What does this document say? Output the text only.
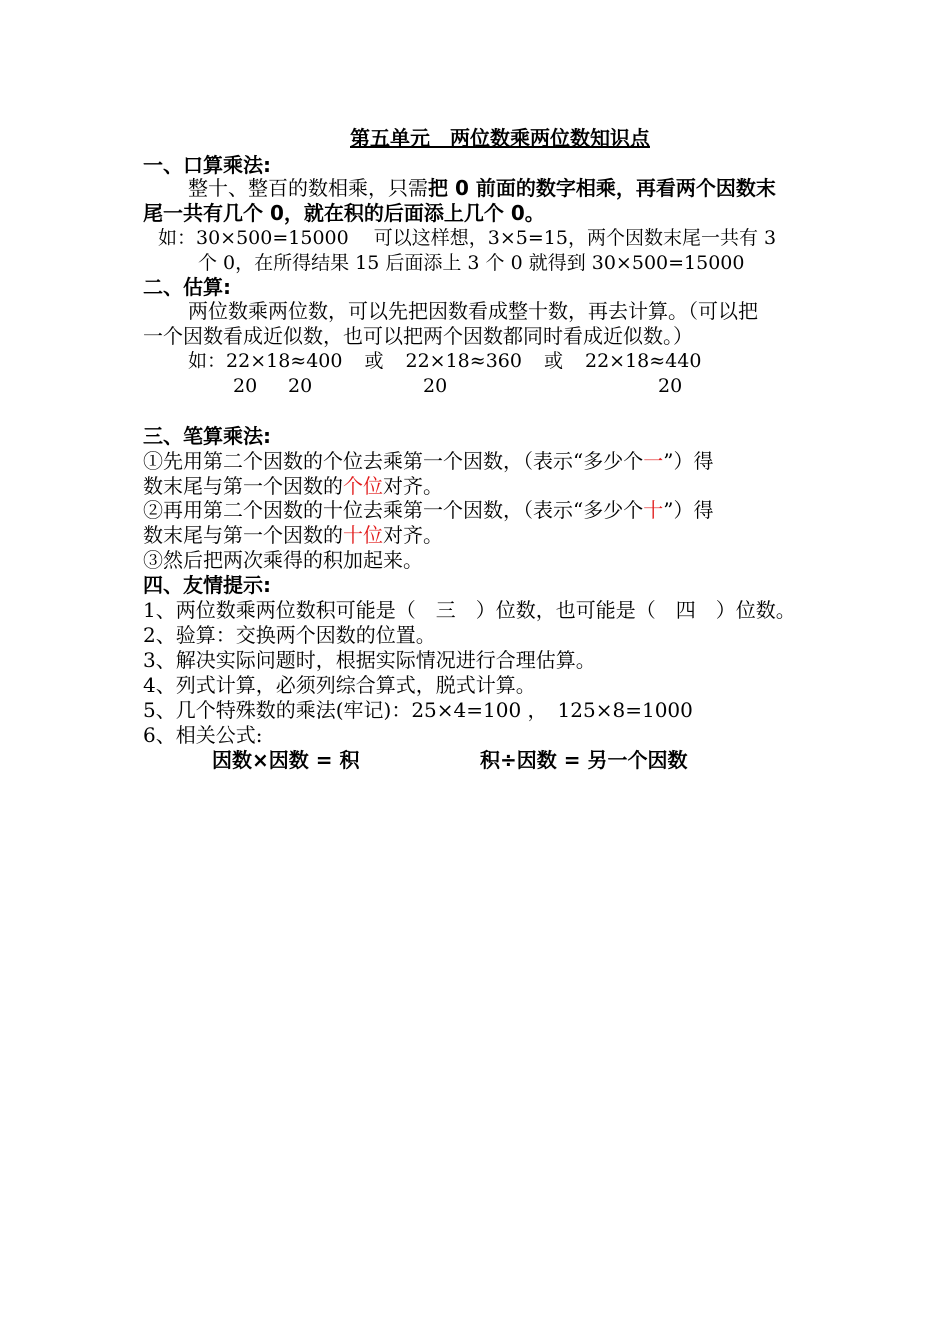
第五单元　两位数乘两位数知识点
一、口算乘法:
整十、整百的数相乘，只需把 0 前面的数字相乘，再看两个因数末
尾一共有几个 0，就在积的后面添上几个 0。
如：30×500=15000　 可以这样想，3×5=15，两个因数末尾一共有 3
个 0，在所得结果 15 后面添上 3 个 0 就得到 30×500=15000
二、估算:
两位数乘两位数，可以先把因数看成整十数，再去计算。（可以把
一个因数看成近似数，也可以把两个因数都同时看成近似数。）
如：22×18≈400 或 22×18≈360 或 22×18≈440
20 20	20	20
三、笔算乘法:
①先用第二个因数的个位去乘第一个因数，（表示“多少个一”）得
数末尾与第一个因数的个位对齐。
②再用第二个因数的十位去乘第一个因数，（表示“多少个十”）得
数末尾与第一个因数的十位对齐。
③然后把两次乘得的积加起来。
四、友情提示:
1、两位数乘两位数积可能是（　三　）位数，也可能是（　四　）位数。
2、验算：交换两个因数的位置。
3、解决实际问题时，根据实际情况进行合理估算。
4、列式计算，必须列综合算式，脱式计算。
5、几个特殊数的乘法(牢记)：25×4=100 ，　125×8=1000
6、相关公式:
因数×因数 = 积	积÷因数 = 另一个因数
